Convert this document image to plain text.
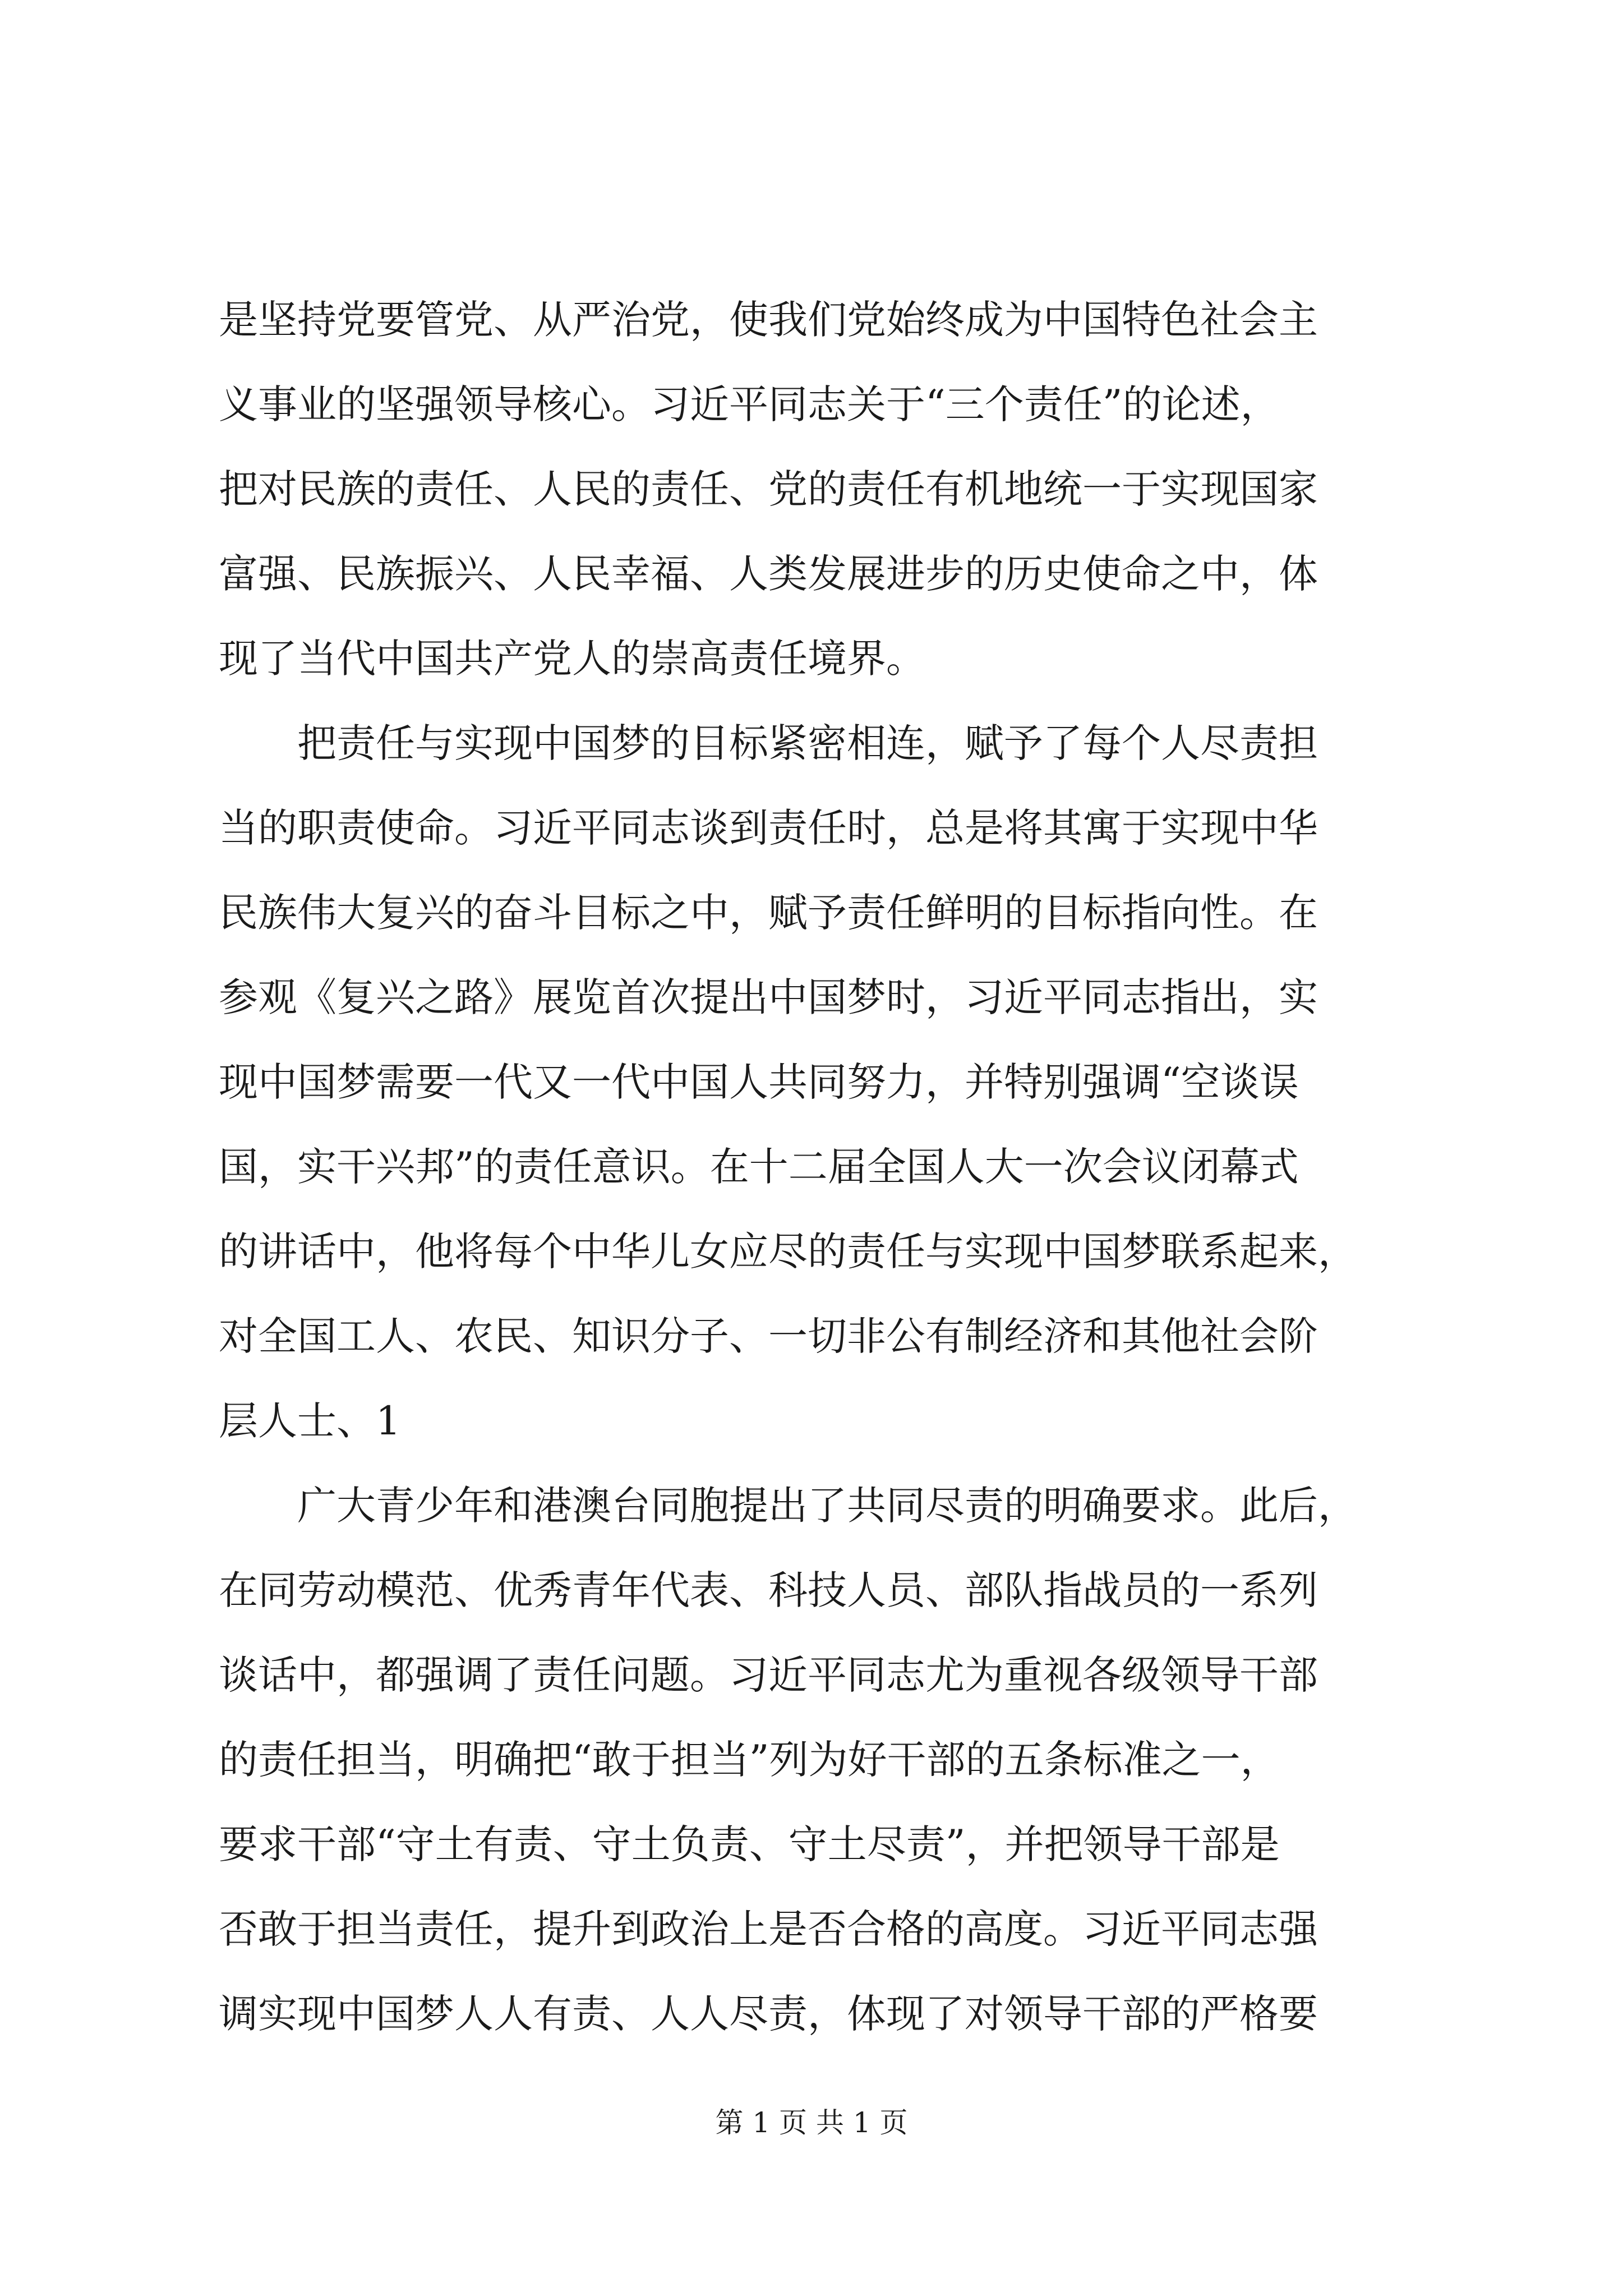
是坚持党要管党、从严治党，使我们党始终成为中国特色社会主
义事业的坚强领导核心。习近平同志关于“三个责任”的论述，
把对民族的责任、人民的责任、党的责任有机地统一于实现国家
富强、民族振兴、人民幸福、人类发展进步的历史使命之中，体
现了当代中国共产党人的崇高责任境界。
　　把责任与实现中国梦的目标紧密相连，赋予了每个人尽责担
当的职责使命。习近平同志谈到责任时，总是将其寓于实现中华
民族伟大复兴的奋斗目标之中，赋予责任鲜明的目标指向性。在
参观《复兴之路》展览首次提出中国梦时，习近平同志指出，实
现中国梦需要一代又一代中国人共同努力，并特别强调“空谈误
国，实干兴邦”的责任意识。在十二届全国人大一次会议闭幕式
的讲话中，他将每个中华儿女应尽的责任与实现中国梦联系起来，
对全国工人、农民、知识分子、一切非公有制经济和其他社会阶
层人士、1
　　广大青少年和港澳台同胞提出了共同尽责的明确要求。此后，
在同劳动模范、优秀青年代表、科技人员、部队指战员的一系列
谈话中，都强调了责任问题。习近平同志尤为重视各级领导干部
的责任担当，明确把“敢于担当”列为好干部的五条标准之一，
要求干部“守土有责、守土负责、守土尽责”，并把领导干部是
否敢于担当责任，提升到政治上是否合格的高度。习近平同志强
调实现中国梦人人有责、人人尽责，体现了对领导干部的严格要
第 1 页 共 1 页
